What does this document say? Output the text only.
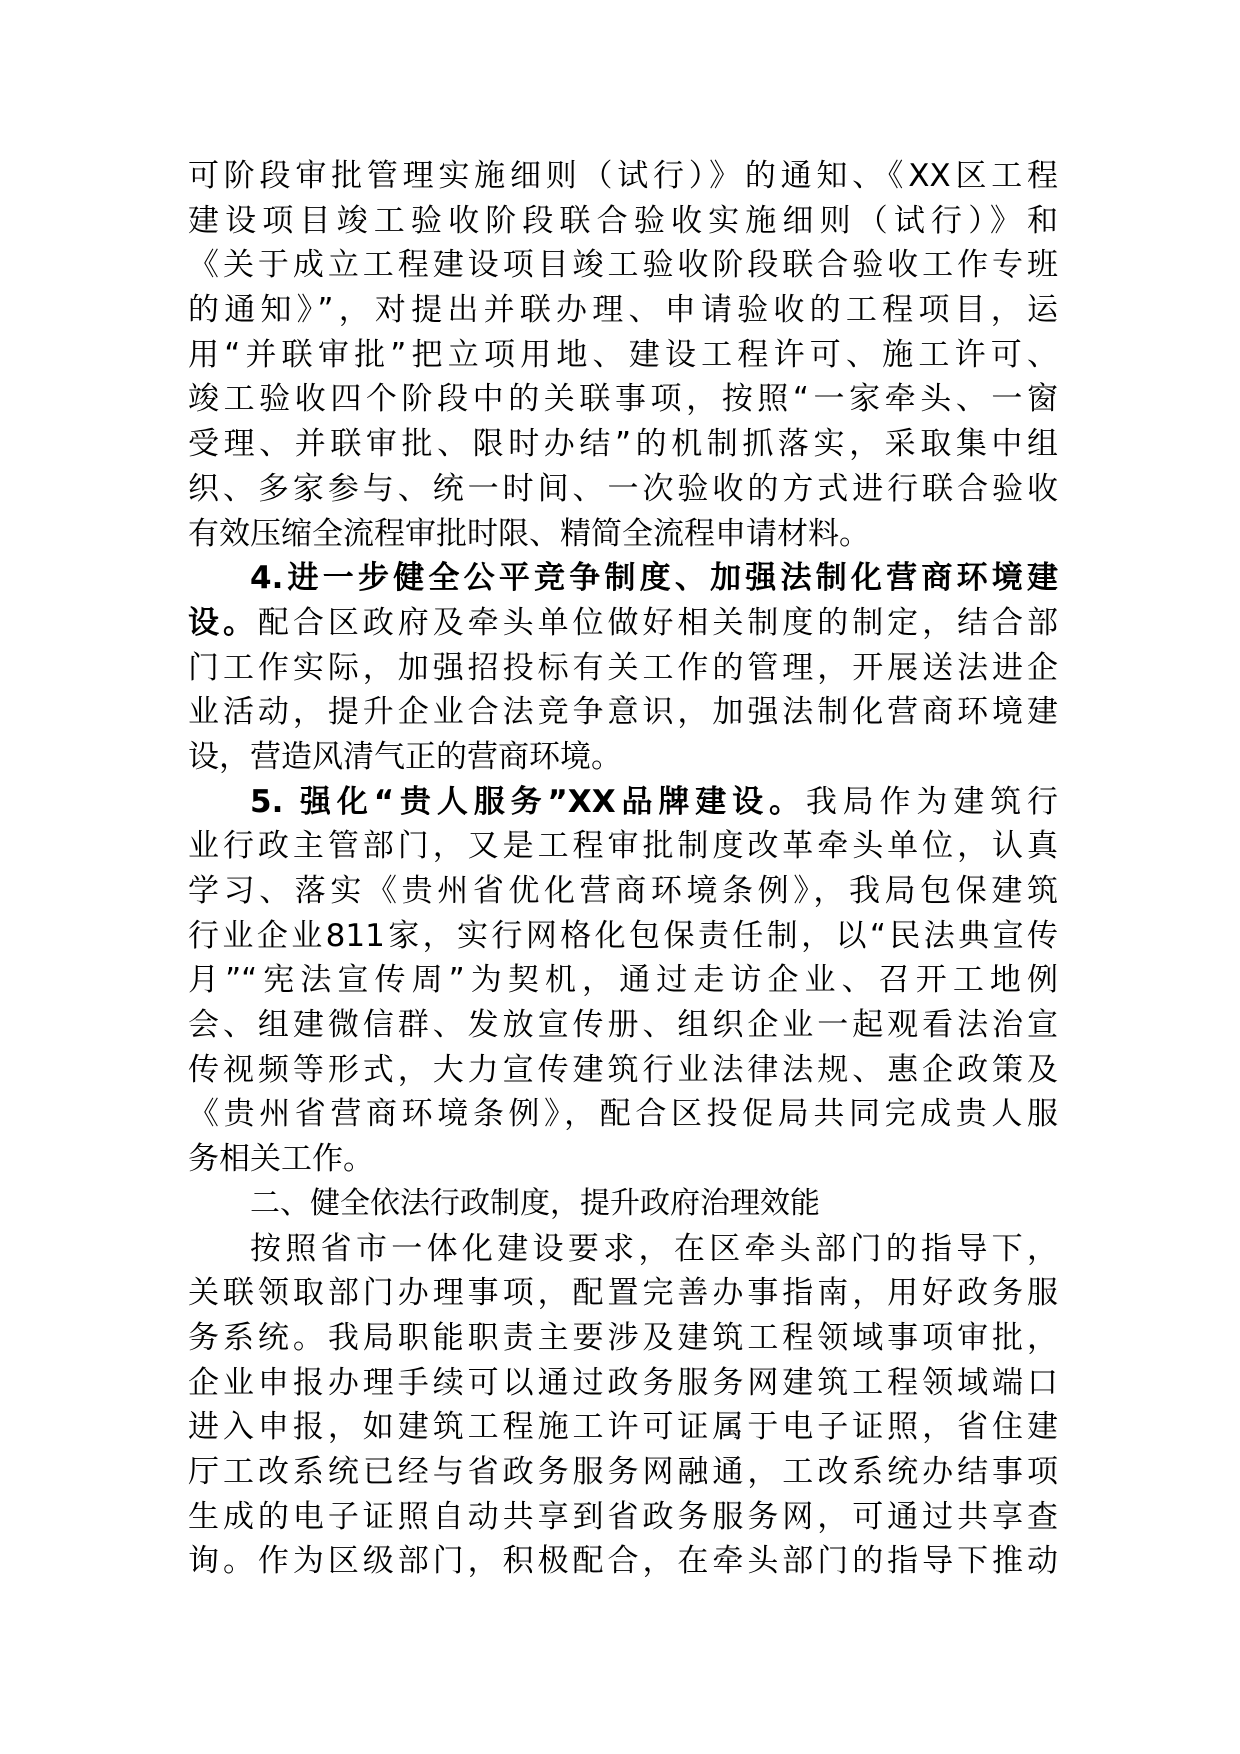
可阶段审批管理实施细则（试行）》的通知、《XX区工程
建设项目竣工验收阶段联合验收实施细则（试行）》和
《关于成立工程建设项目竣工验收阶段联合验收工作专班
的通知》”，对提出并联办理、申请验收的工程项目，运
用“并联审批”把立项用地、建设工程许可、施工许可、
竣工验收四个阶段中的关联事项，按照“一家牵头、一窗
受理、并联审批、限时办结”的机制抓落实，采取集中组
织、多家参与、统一时间、一次验收的方式进行联合验收
有效压缩全流程审批时限、精简全流程申请材料。
4.进一步健全公平竞争制度、加强法制化营商环境建
设。配合区政府及牵头单位做好相关制度的制定，结合部
门工作实际，加强招投标有关工作的管理，开展送法进企
业活动，提升企业合法竞争意识，加强法制化营商环境建
设，营造风清气正的营商环境。
5. 强化“贵人服务”XX品牌建设。我局作为建筑行
业行政主管部门，又是工程审批制度改革牵头单位，认真
学习、落实《贵州省优化营商环境条例》，我局包保建筑
行业企业811家，实行网格化包保责任制，以“民法典宣传
月”“宪法宣传周”为契机，通过走访企业、召开工地例
会、组建微信群、发放宣传册、组织企业一起观看法治宣
传视频等形式，大力宣传建筑行业法律法规、惠企政策及
《贵州省营商环境条例》，配合区投促局共同完成贵人服
务相关工作。
二、健全依法行政制度，提升政府治理效能
按照省市一体化建设要求，在区牵头部门的指导下，
关联领取部门办理事项，配置完善办事指南，用好政务服
务系统。我局职能职责主要涉及建筑工程领域事项审批，
企业申报办理手续可以通过政务服务网建筑工程领域端口
进入申报，如建筑工程施工许可证属于电子证照，省住建
厅工改系统已经与省政务服务网融通，工改系统办结事项
生成的电子证照自动共享到省政务服务网，可通过共享查
询。作为区级部门，积极配合，在牵头部门的指导下推动
